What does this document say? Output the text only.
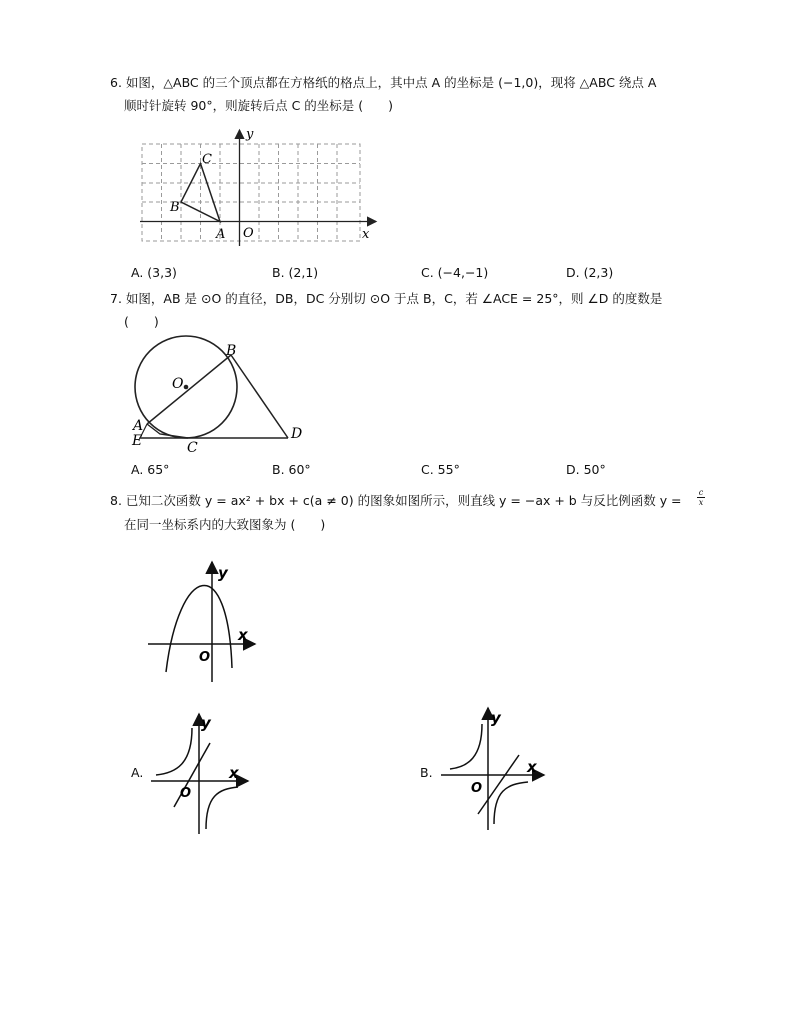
6. 如图，△ABC 的三个顶点都在方格纸的格点上，其中点 A 的坐标是 (−1,0)，现将 △ABC 绕点 A
顺时针旋转 90°，则旋转后点 C 的坐标是 (　　)
y
x
O
A
B
C
A. (3,3)	B. (2,1)	C. (−4,−1)	D. (2,3)
7. 如图，AB 是 ⊙O 的直径，DB，DC 分别切 ⊙O 于点 B，C，若 ∠ACE = 25°，则 ∠D 的度数是
(　　)
O
B
A
E	C
D
A. 65°	B. 60°	C. 55°	D. 50°
8. 已知二次函数 y = ax² + bx + c(a ≠ 0) 的图象如图所示，则直线 y = −ax + b 与反比例函数 $y = \frac{c}{x}$
在同一坐标系内的大致图象为 (　　)
y
x
O
A.
y
x
O
B.
y
x
O
